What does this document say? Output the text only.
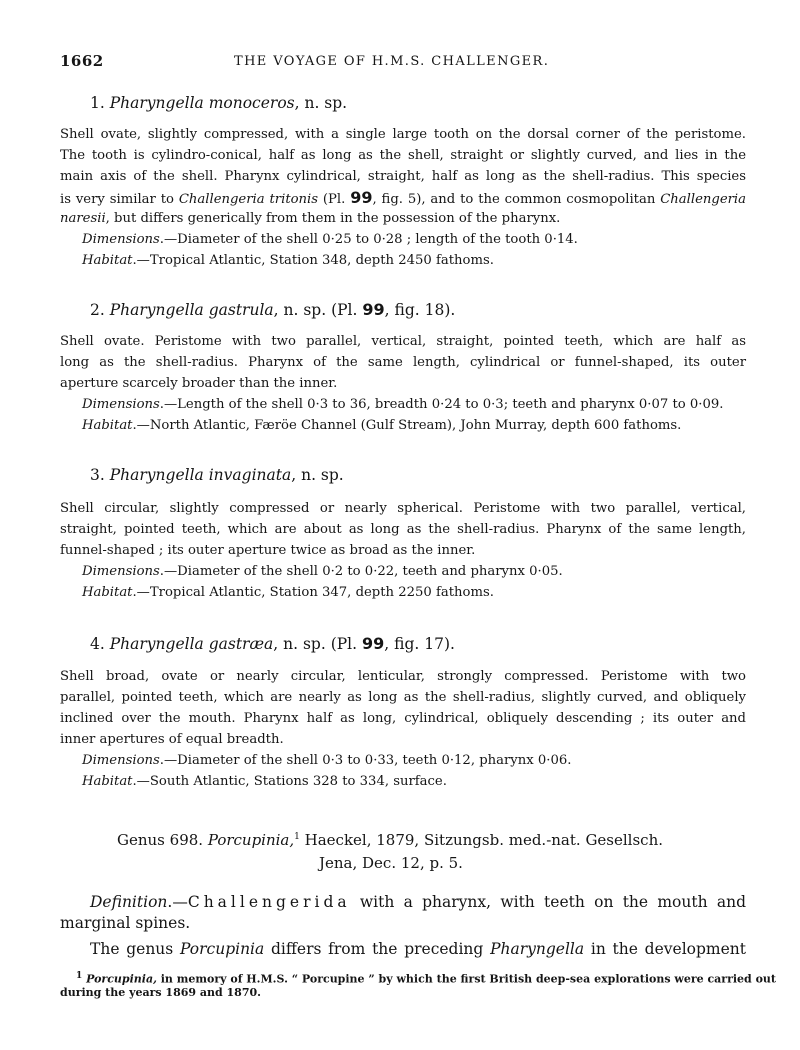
1662	THE VOYAGE OF H.M.S. CHALLENGER.
1. Pharyngella monoceros, n. sp.
Shell ovate, slightly compressed, with a single large tooth on the dorsal corner of the peristome.
The tooth is cylindro-conical, half as long as the shell, straight or slightly curved, and lies in the
main axis of the shell. Pharynx cylindrical, straight, half as long as the shell-radius. This species
is very similar to Challengeria tritonis (Pl. 99, fig. 5), and to the common cosmopolitan Challengeria
naresii, but differs generically from them in the possession of the pharynx.
Dimensions.—Diameter of the shell 0·25 to 0·28 ; length of the tooth 0·14.
Habitat.—Tropical Atlantic, Station 348, depth 2450 fathoms.
2. Pharyngella gastrula, n. sp. (Pl. 99, fig. 18).
Shell ovate. Peristome with two parallel, vertical, straight, pointed teeth, which are half as
long as the shell-radius. Pharynx of the same length, cylindrical or funnel-shaped, its outer
aperture scarcely broader than the inner.
Dimensions.—Length of the shell 0·3 to 36, breadth 0·24 to 0·3; teeth and pharynx 0·07 to 0·09.
Habitat.—North Atlantic, Færöe Channel (Gulf Stream), John Murray, depth 600 fathoms.
3. Pharyngella invaginata, n. sp.
Shell circular, slightly compressed or nearly spherical. Peristome with two parallel, vertical,
straight, pointed teeth, which are about as long as the shell-radius. Pharynx of the same length,
funnel-shaped ; its outer aperture twice as broad as the inner.
Dimensions.—Diameter of the shell 0·2 to 0·22, teeth and pharynx 0·05.
Habitat.—Tropical Atlantic, Station 347, depth 2250 fathoms.
4. Pharyngella gastræa, n. sp. (Pl. 99, fig. 17).
Shell broad, ovate or nearly circular, lenticular, strongly compressed. Peristome with two
parallel, pointed teeth, which are nearly as long as the shell-radius, slightly curved, and obliquely
inclined over the mouth. Pharynx half as long, cylindrical, obliquely descending ; its outer and
inner apertures of equal breadth.
Dimensions.—Diameter of the shell 0·3 to 0·33, teeth 0·12, pharynx 0·06.
Habitat.—South Atlantic, Stations 328 to 334, surface.
Genus 698. Porcupinia,$^1$ Haeckel, 1879, Sitzungsb. med.-nat. Gesellsch.
Jena, Dec. 12, p. 5.
Definition.—Challengerida with a pharynx, with teeth on the mouth and
marginal spines.
The genus Porcupinia differs from the preceding Pharyngella in the development
$^1$ Porcupinia, in memory of H.M.S. “ Porcupine ” by which the first British deep-sea explorations were carried out
during the years 1869 and 1870.
